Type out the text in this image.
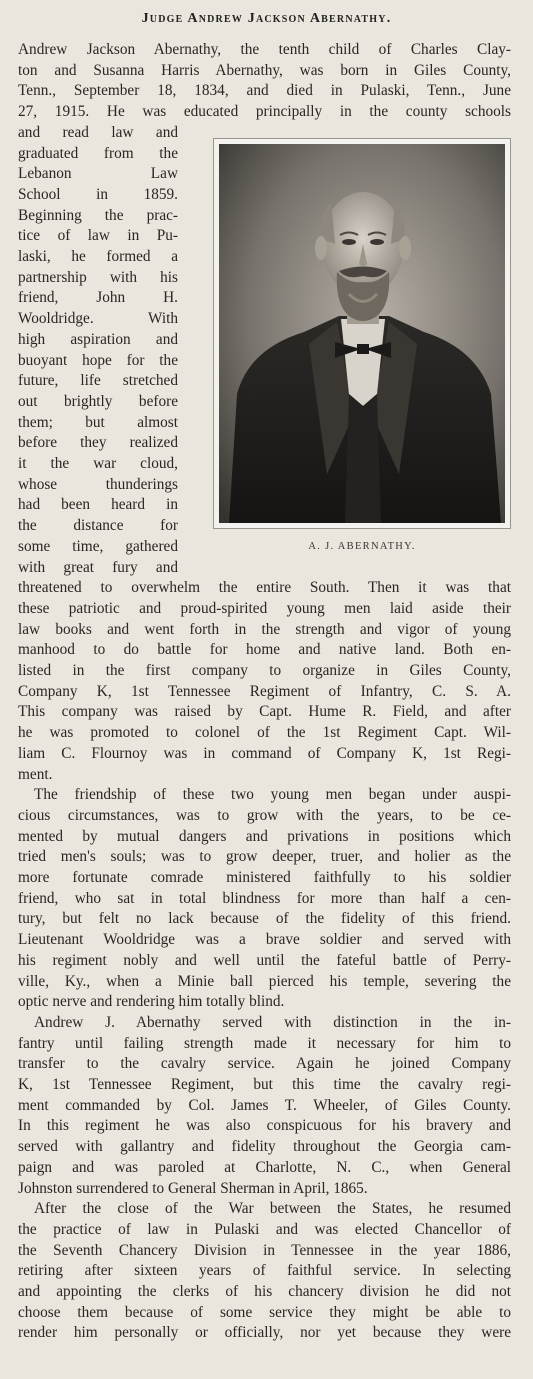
Judge Andrew Jackson Abernathy.
Andrew Jackson Abernathy, the tenth child of Charles Clay-
ton and Susanna Harris Abernathy, was born in Giles County,
Tenn., September 18, 1834, and died in Pulaski, Tenn., June
27, 1915. He was educated principally in the county schools
and read law and
graduated from the
Lebanon Law
School in 1859.
Beginning the prac-
tice of law in Pu-
laski, he formed a
partnership with his
friend, John H.
Wooldridge. With
high aspiration and
buoyant hope for the
future, life stretched
out brightly before
them; but almost
before they realized
it the war cloud,
whose thunderings
had been heard in
the distance for
some time, gathered
with great fury and
A. J. ABERNATHY.
threatened to overwhelm the entire South. Then it was that
these patriotic and proud-spirited young men laid aside their
law books and went forth in the strength and vigor of young
manhood to do battle for home and native land. Both en-
listed in the first company to organize in Giles County,
Company K, 1st Tennessee Regiment of Infantry, C. S. A.
This company was raised by Capt. Hume R. Field, and after
he was promoted to colonel of the 1st Regiment Capt. Wil-
liam C. Flournoy was in command of Company K, 1st Regi-
ment.
The friendship of these two young men began under auspi-
cious circumstances, was to grow with the years, to be ce-
mented by mutual dangers and privations in positions which
tried men's souls; was to grow deeper, truer, and holier as the
more fortunate comrade ministered faithfully to his soldier
friend, who sat in total blindness for more than half a cen-
tury, but felt no lack because of the fidelity of this friend.
Lieutenant Wooldridge was a brave soldier and served with
his regiment nobly and well until the fateful battle of Perry-
ville, Ky., when a Minie ball pierced his temple, severing the
optic nerve and rendering him totally blind.
Andrew J. Abernathy served with distinction in the in-
fantry until failing strength made it necessary for him to
transfer to the cavalry service. Again he joined Company
K, 1st Tennessee Regiment, but this time the cavalry regi-
ment commanded by Col. James T. Wheeler, of Giles County.
In this regiment he was also conspicuous for his bravery and
served with gallantry and fidelity throughout the Georgia cam-
paign and was paroled at Charlotte, N. C., when General
Johnston surrendered to General Sherman in April, 1865.
After the close of the War between the States, he resumed
the practice of law in Pulaski and was elected Chancellor of
the Seventh Chancery Division in Tennessee in the year 1886,
retiring after sixteen years of faithful service. In selecting
and appointing the clerks of his chancery division he did not
choose them because of some service they might be able to
render him personally or officially, nor yet because they were
